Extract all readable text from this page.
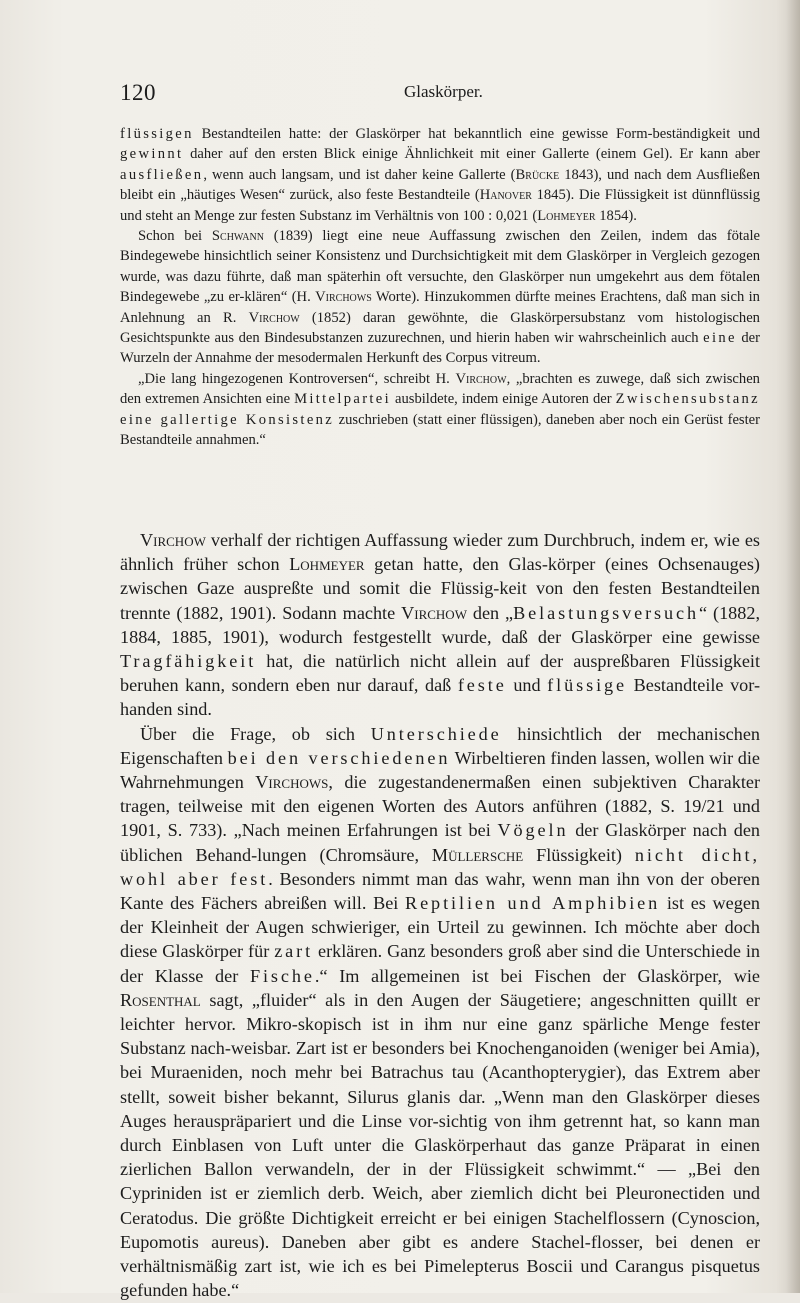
120	Glaskörper.

flüssigen Bestandteilen hatte: der Glaskörper hat bekanntlich eine gewisse Form-beständigkeit und gewinnt daher auf den ersten Blick einige Ähnlichkeit mit einer Gallerte (einem Gel). Er kann aber ausfließen, wenn auch langsam, und ist daher keine Gallerte (Brücke 1843), und nach dem Ausfließen bleibt ein „häutiges Wesen“ zurück, also feste Bestandteile (Hanover 1845). Die Flüssigkeit ist dünnflüssig und steht an Menge zur festen Substanz im Verhältnis von 100 : 0,021 (Lohmeyer 1854).

Schon bei Schwann (1839) liegt eine neue Auffassung zwischen den Zeilen, indem das fötale Bindegewebe hinsichtlich seiner Konsistenz und Durchsichtigkeit mit dem Glaskörper in Vergleich gezogen wurde, was dazu führte, daß man späterhin oft versuchte, den Glaskörper nun umgekehrt aus dem fötalen Bindegewebe „zu er-klären“ (H. Virchows Worte). Hinzukommen dürfte meines Erachtens, daß man sich in Anlehnung an R. Virchow (1852) daran gewöhnte, die Glaskörpersubstanz vom histologischen Gesichtspunkte aus den Bindesubstanzen zuzurechnen, und hierin haben wir wahrscheinlich auch eine der Wurzeln der Annahme der mesodermalen Herkunft des Corpus vitreum.

„Die lang hingezogenen Kontroversen“, schreibt H. Virchow, „brachten es zuwege, daß sich zwischen den extremen Ansichten eine Mittelpartei ausbildete, indem einige Autoren der Zwischensubstanz eine gallertige Konsistenz zuschrieben (statt einer flüssigen), daneben aber noch ein Gerüst fester Bestandteile annahmen.“

Virchow verhalf der richtigen Auffassung wieder zum Durchbruch, indem er, wie es ähnlich früher schon Lohmeyer getan hatte, den Glas-körper (eines Ochsenauges) zwischen Gaze auspreßte und somit die Flüssig-keit von den festen Bestandteilen trennte (1882, 1901). Sodann machte Virchow den „Belastungsversuch“ (1882, 1884, 1885, 1901), wodurch festgestellt wurde, daß der Glaskörper eine gewisse Tragfähigkeit hat, die natürlich nicht allein auf der auspreßbaren Flüssigkeit beruhen kann, sondern eben nur darauf, daß feste und flüssige Bestandteile vor-handen sind.

Über die Frage, ob sich Unterschiede hinsichtlich der mechanischen Eigenschaften bei den verschiedenen Wirbeltieren finden lassen, wollen wir die Wahrnehmungen Virchows, die zugestandenermaßen einen subjektiven Charakter tragen, teilweise mit den eigenen Worten des Autors anführen (1882, S. 19/21 und 1901, S. 733). „Nach meinen Erfahrungen ist bei Vögeln der Glaskörper nach den üblichen Behand-lungen (Chromsäure, Müllersche Flüssigkeit) nicht dicht, wohl aber fest. Besonders nimmt man das wahr, wenn man ihn von der oberen Kante des Fächers abreißen will. Bei Reptilien und Amphibien ist es wegen der Kleinheit der Augen schwieriger, ein Urteil zu gewinnen. Ich möchte aber doch diese Glaskörper für zart erklären. Ganz besonders groß aber sind die Unterschiede in der Klasse der Fische.“ Im allgemeinen ist bei Fischen der Glaskörper, wie Rosenthal sagt, „fluider“ als in den Augen der Säugetiere; angeschnitten quillt er leichter hervor. Mikro-skopisch ist in ihm nur eine ganz spärliche Menge fester Substanz nach-weisbar. Zart ist er besonders bei Knochenganoiden (weniger bei Amia), bei Muraeniden, noch mehr bei Batrachus tau (Acanthopterygier), das Extrem aber stellt, soweit bisher bekannt, Silurus glanis dar. „Wenn man den Glaskörper dieses Auges herauspräpariert und die Linse vor-sichtig von ihm getrennt hat, so kann man durch Einblasen von Luft unter die Glaskörperhaut das ganze Präparat in einen zierlichen Ballon verwandeln, der in der Flüssigkeit schwimmt.“ — „Bei den Cypriniden ist er ziemlich derb. Weich, aber ziemlich dicht bei Pleuronectiden und Ceratodus. Die größte Dichtigkeit erreicht er bei einigen Stachelflossern (Cynoscion, Eupomotis aureus). Daneben aber gibt es andere Stachel-flosser, bei denen er verhältnismäßig zart ist, wie ich es bei Pimelepterus Boscii und Carangus pisquetus gefunden habe.“
